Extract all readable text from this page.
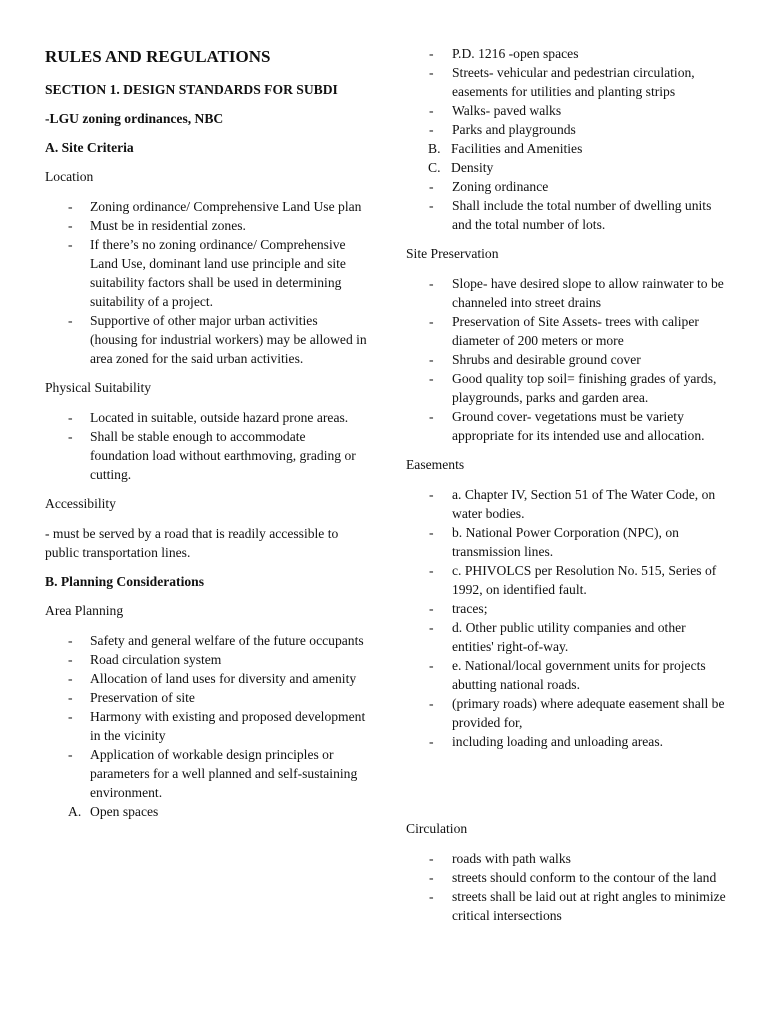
RULES AND REGULATIONS

SECTION 1. DESIGN STANDARDS FOR SUBDI

-LGU zoning ordinances, NBC

A. Site Criteria

Location

- Zoning ordinance/ Comprehensive Land Use plan
- Must be in residential zones.
- If there’s no zoning ordinance/ Comprehensive Land Use, dominant land use principle and site suitability factors shall be used in determining suitability of a project.
- Supportive of other major urban activities (housing for industrial workers) may be allowed in area zoned for the said urban activities.

Physical Suitability

- Located in suitable, outside hazard prone areas.
- Shall be stable enough to accommodate foundation load without earthmoving, grading or cutting.

Accessibility

- must be served by a road that is readily accessible to public transportation lines.

B. Planning Considerations

Area Planning

- Safety and general welfare of the future occupants
- Road circulation system
- Allocation of land uses for diversity and amenity
- Preservation of site
- Harmony with existing and proposed development in the vicinity
- Application of workable design principles or parameters for a well planned and self-sustaining environment.
A. Open spaces
- P.D. 1216 -open spaces
- Streets- vehicular and pedestrian circulation, easements for utilities and planting strips
- Walks- paved walks
- Parks and playgrounds
B. Facilities and Amenities
C. Density
- Zoning ordinance
- Shall include the total number of dwelling units and the total number of lots.

Site Preservation

- Slope- have desired slope to allow rainwater to be channeled into street drains
- Preservation of Site Assets- trees with caliper diameter of 200 meters or more
- Shrubs and desirable ground cover
- Good quality top soil= finishing grades of yards, playgrounds, parks and garden area.
- Ground cover- vegetations must be variety appropriate for its intended use and allocation.

Easements

- a. Chapter IV, Section 51 of The Water Code, on water bodies.
- b. National Power Corporation (NPC), on transmission lines.
- c. PHIVOLCS per Resolution No. 515, Series of 1992, on identified fault.
- traces;
- d. Other public utility companies and other entities' right-of-way.
- e. National/local government units for projects abutting national roads.
- (primary roads) where adequate easement shall be provided for,
- including loading and unloading areas.

Circulation

- roads with path walks
- streets should conform to the contour of the land
- streets shall be laid out at right angles to minimize critical intersections
